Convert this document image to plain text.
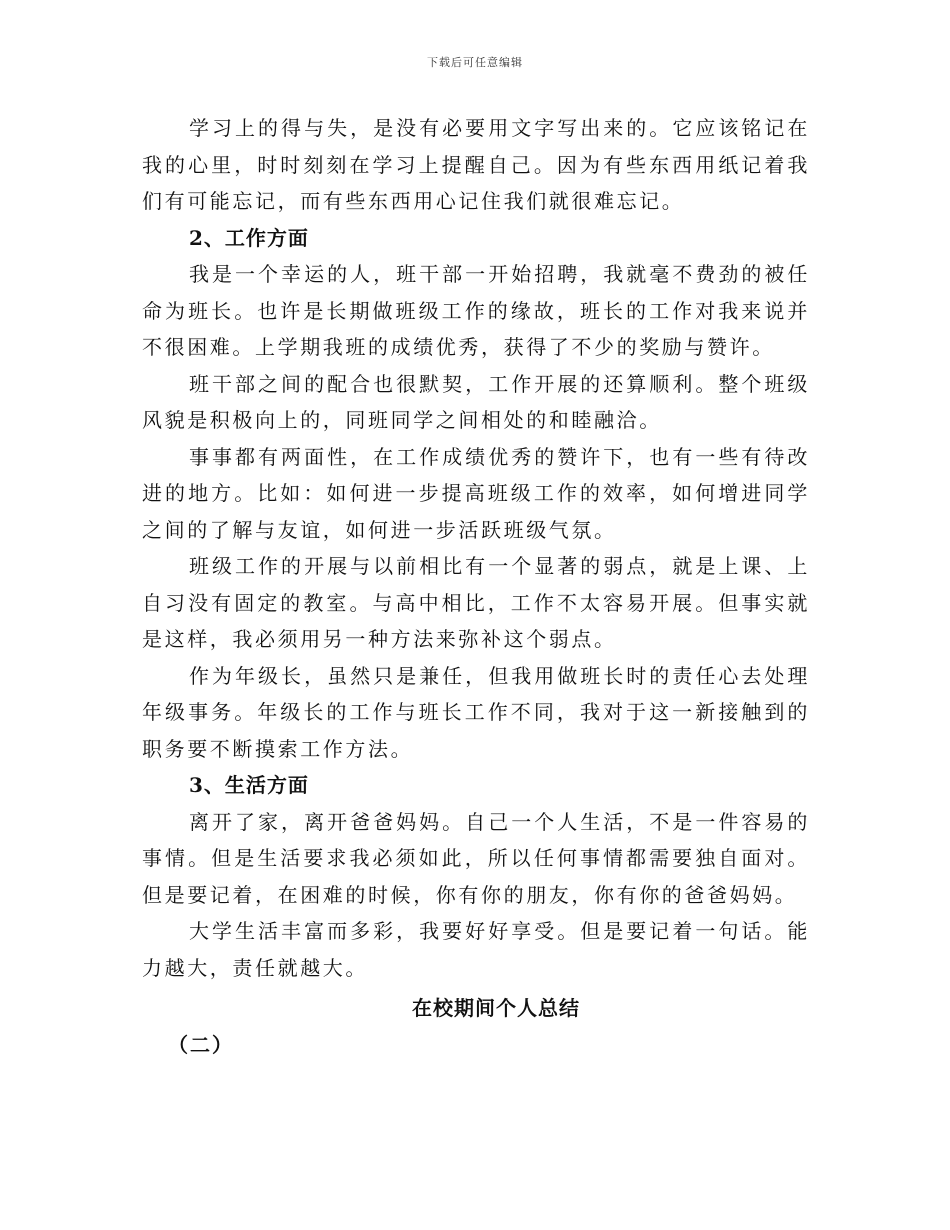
下载后可任意编辑

学习上的得与失，是没有必要用文字写出来的。它应该铭记在我的心里，时时刻刻在学习上提醒自己。因为有些东西用纸记着我们有可能忘记，而有些东西用心记住我们就很难忘记。

2、工作方面

我是一个幸运的人，班干部一开始招聘，我就毫不费劲的被任命为班长。也许是长期做班级工作的缘故，班长的工作对我来说并不很困难。上学期我班的成绩优秀，获得了不少的奖励与赞许。

班干部之间的配合也很默契，工作开展的还算顺利。整个班级风貌是积极向上的，同班同学之间相处的和睦融洽。

事事都有两面性，在工作成绩优秀的赞许下，也有一些有待改进的地方。比如：如何进一步提高班级工作的效率，如何增进同学之间的了解与友谊，如何进一步活跃班级气氛。

班级工作的开展与以前相比有一个显著的弱点，就是上课、上自习没有固定的教室。与高中相比，工作不太容易开展。但事实就是这样，我必须用另一种方法来弥补这个弱点。

作为年级长，虽然只是兼任，但我用做班长时的责任心去处理年级事务。年级长的工作与班长工作不同，我对于这一新接触到的职务要不断摸索工作方法。

3、生活方面

离开了家，离开爸爸妈妈。自己一个人生活，不是一件容易的事情。但是生活要求我必须如此，所以任何事情都需要独自面对。但是要记着，在困难的时候，你有你的朋友，你有你的爸爸妈妈。

大学生活丰富而多彩，我要好好享受。但是要记着一句话。能力越大，责任就越大。

在校期间个人总结

（二）
